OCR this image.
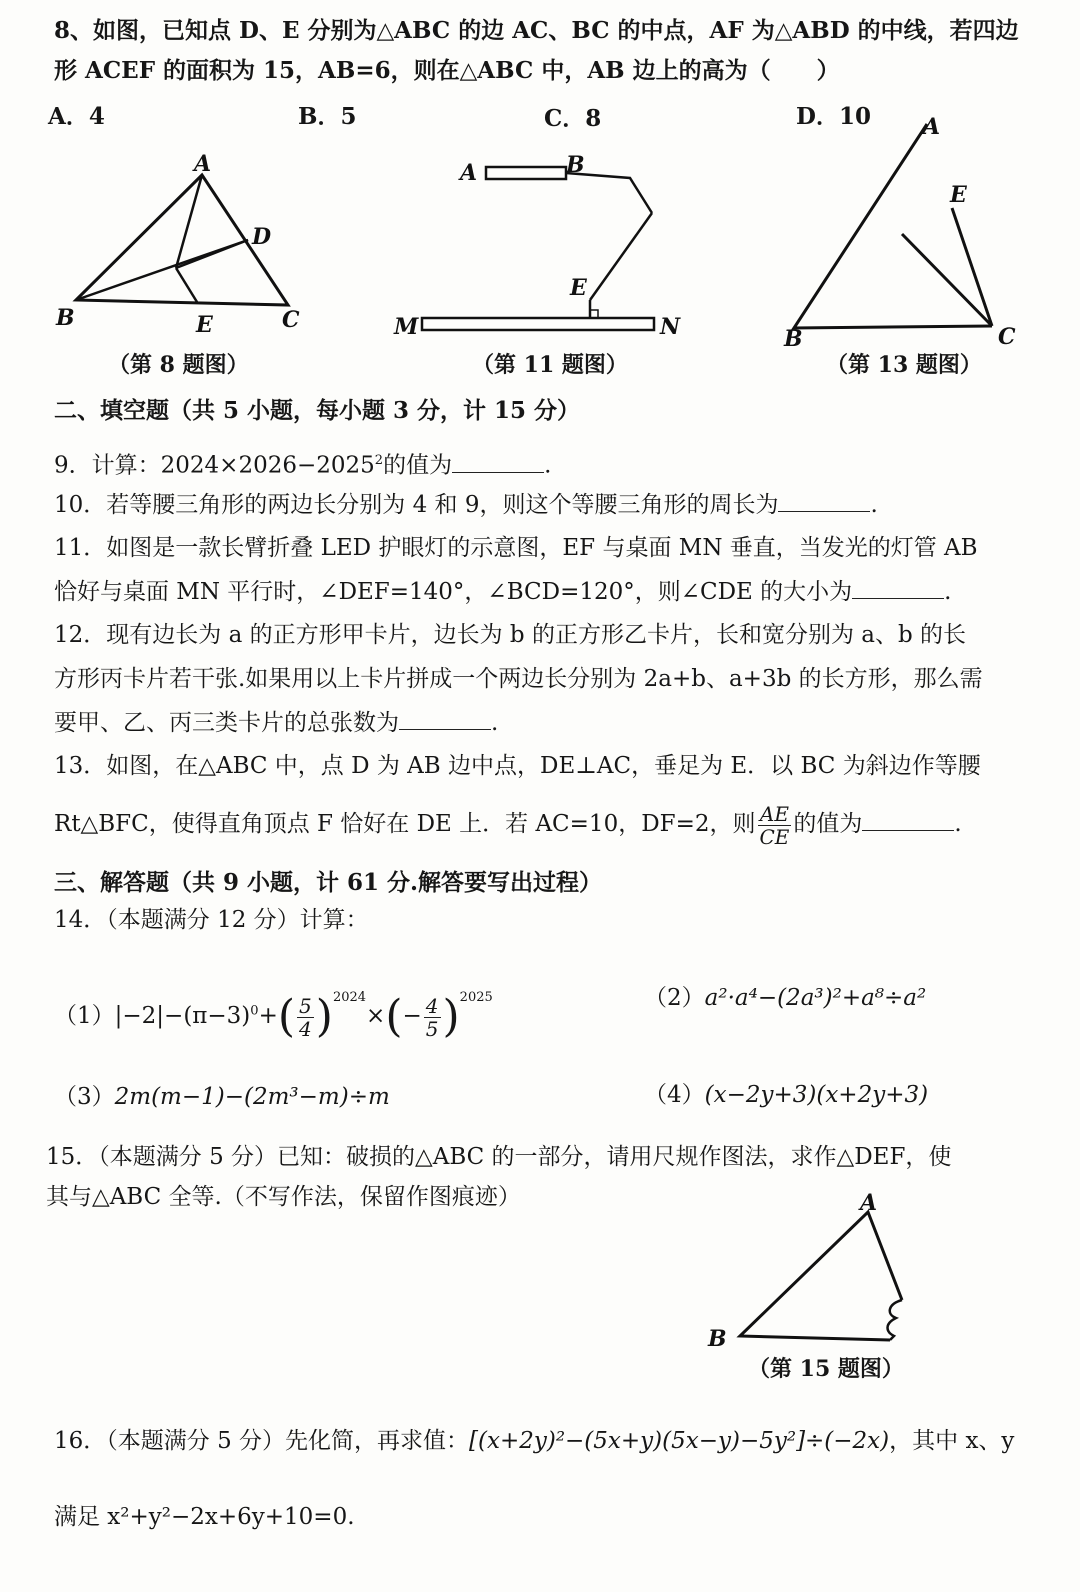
8、如图，已知点 D、E 分别为△ABC 的边 AC、BC 的中点，AF 为△ABD 的中线，若四边
形 ACEF 的面积为 15，AB=6，则在△ABC 中，AB 边上的高为（　　）
A．4	B．5	C．8	D．10
A
B	C
D
E
（第 8 题图）
A	B
M	N
E
（第 11 题图）
A
B	C
E
（第 13 题图）
二、填空题（共 5 小题，每小题 3 分，计 15 分）
9．计算：$2024\times 2026-2025^2$的值为	.
10．若等腰三角形的两边长分别为 4 和 9，则这个等腰三角形的周长为	.
11．如图是一款长臂折叠 LED 护眼灯的示意图，EF 与桌面 MN 垂直，当发光的灯管 AB
恰好与桌面 MN 平行时，∠DEF=140°，∠BCD=120°，则∠CDE 的大小为	.
12．现有边长为 a 的正方形甲卡片，边长为 b 的正方形乙卡片，长和宽分别为 a、b 的长
方形丙卡片若干张.如果用以上卡片拼成一个两边长分别为 2a+b、a+3b 的长方形，那么需
要甲、乙、丙三类卡片的总张数为	.
13．如图，在△ABC 中，点 D 为 AB 边中点，DE⊥AC，垂足为 E．以 BC 为斜边作等腰
Rt△BFC，使得直角顶点 F 恰好在 DE 上．若 AC=10，DF=2，则 $\frac{AE}{CE}$ 的值为	.
三、解答题（共 9 小题，计 61 分.解答要写出过程）
14．（本题满分 12 分）计算：
$(1)|-2|-(\pi-3)^0+( \frac{5}{4} )^{2024}\times(- \frac{4}{5} )^{2025}$	（2）a²·a⁴−(2a³)²+a⁸÷a²
（3）2m(m−1)−(2m³−m)÷m	（4）(x−2y+3)(x+2y+3)
15．（本题满分 5 分）已知：破损的△ABC 的一部分，请用尺规作图法，求作△DEF，使
其与△ABC 全等.（不写作法，保留作图痕迹）	A
B
（第 15 题图）
16．（本题满分 5 分）先化简，再求值：[(x+2y)²−(5x+y)(5x−y)−5y²]÷(−2x)，其中 x、y
满足 x²+y²−2x+6y+10=0.
